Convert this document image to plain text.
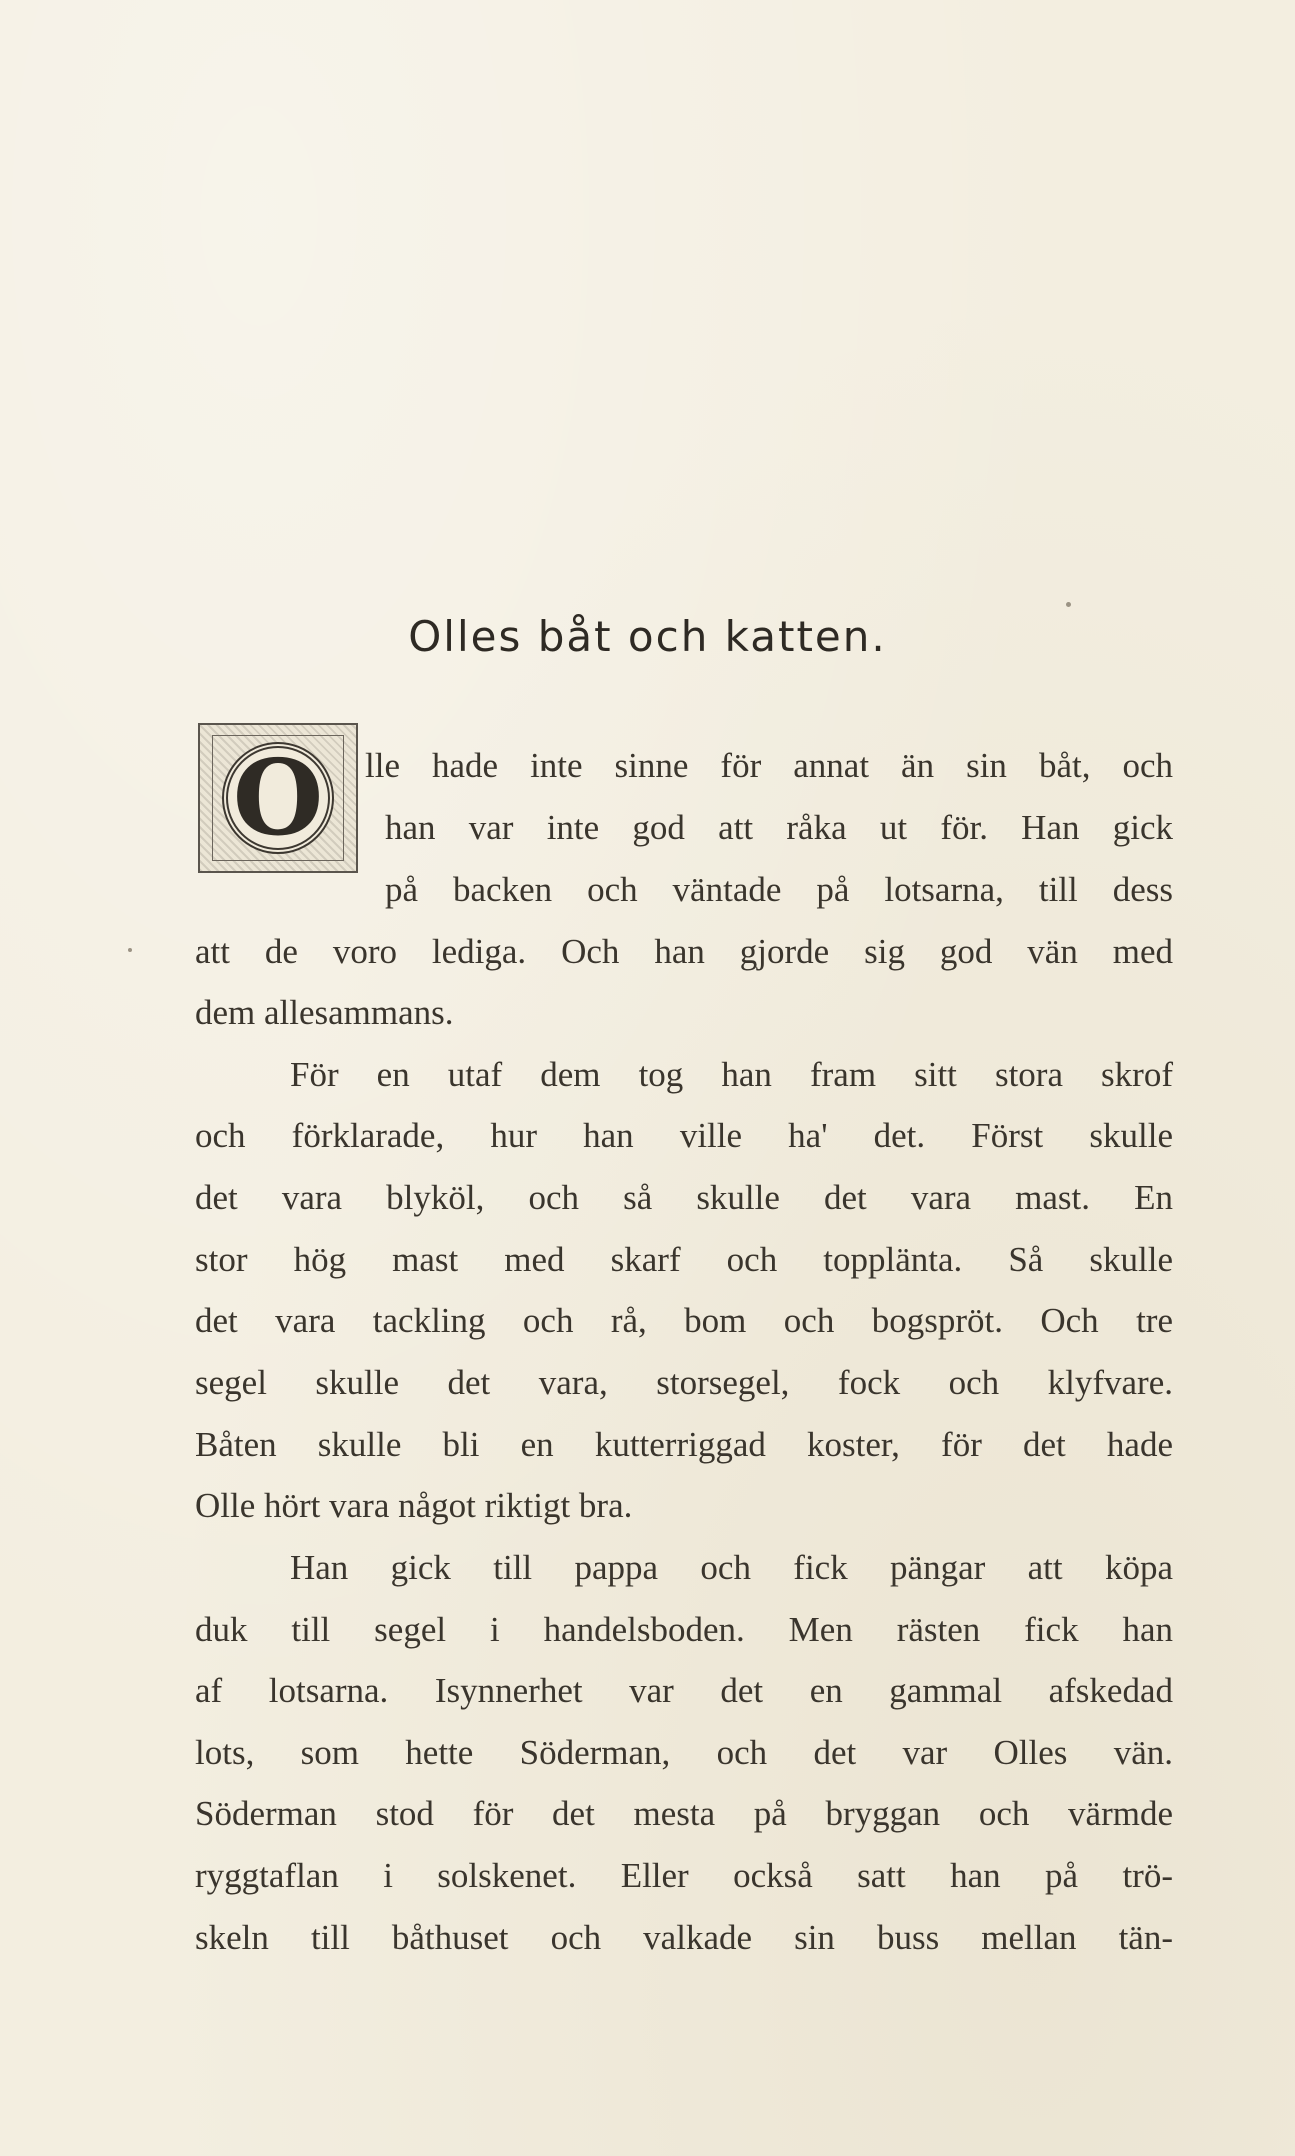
Olles båt och katten.
O	lle hade inte sinne för annat än sin båt, och

han var inte god att råka ut för. Han gick

på backen och väntade på lotsarna, till dess

att de voro lediga. Och han gjorde sig god vän med

dem allesammans.

För en utaf dem tog han fram sitt stora skrof

och förklarade, hur han ville ha' det. Först skulle

det vara blyköl, och så skulle det vara mast. En

stor hög mast med skarf och topplänta. Så skulle

det vara tackling och rå, bom och bogspröt. Och tre

segel skulle det vara, storsegel, fock och klyfvare.

Båten skulle bli en kutterriggad koster, för det hade

Olle hört vara något riktigt bra.

Han gick till pappa och fick pängar att köpa

duk till segel i handelsboden. Men rästen fick han

af lotsarna. Isynnerhet var det en gammal afskedad

lots, som hette Söderman, och det var Olles vän.

Söderman stod för det mesta på bryggan och värmde

ryggtaflan i solskenet. Eller också satt han på trö-

skeln till båthuset och valkade sin buss mellan tän-
